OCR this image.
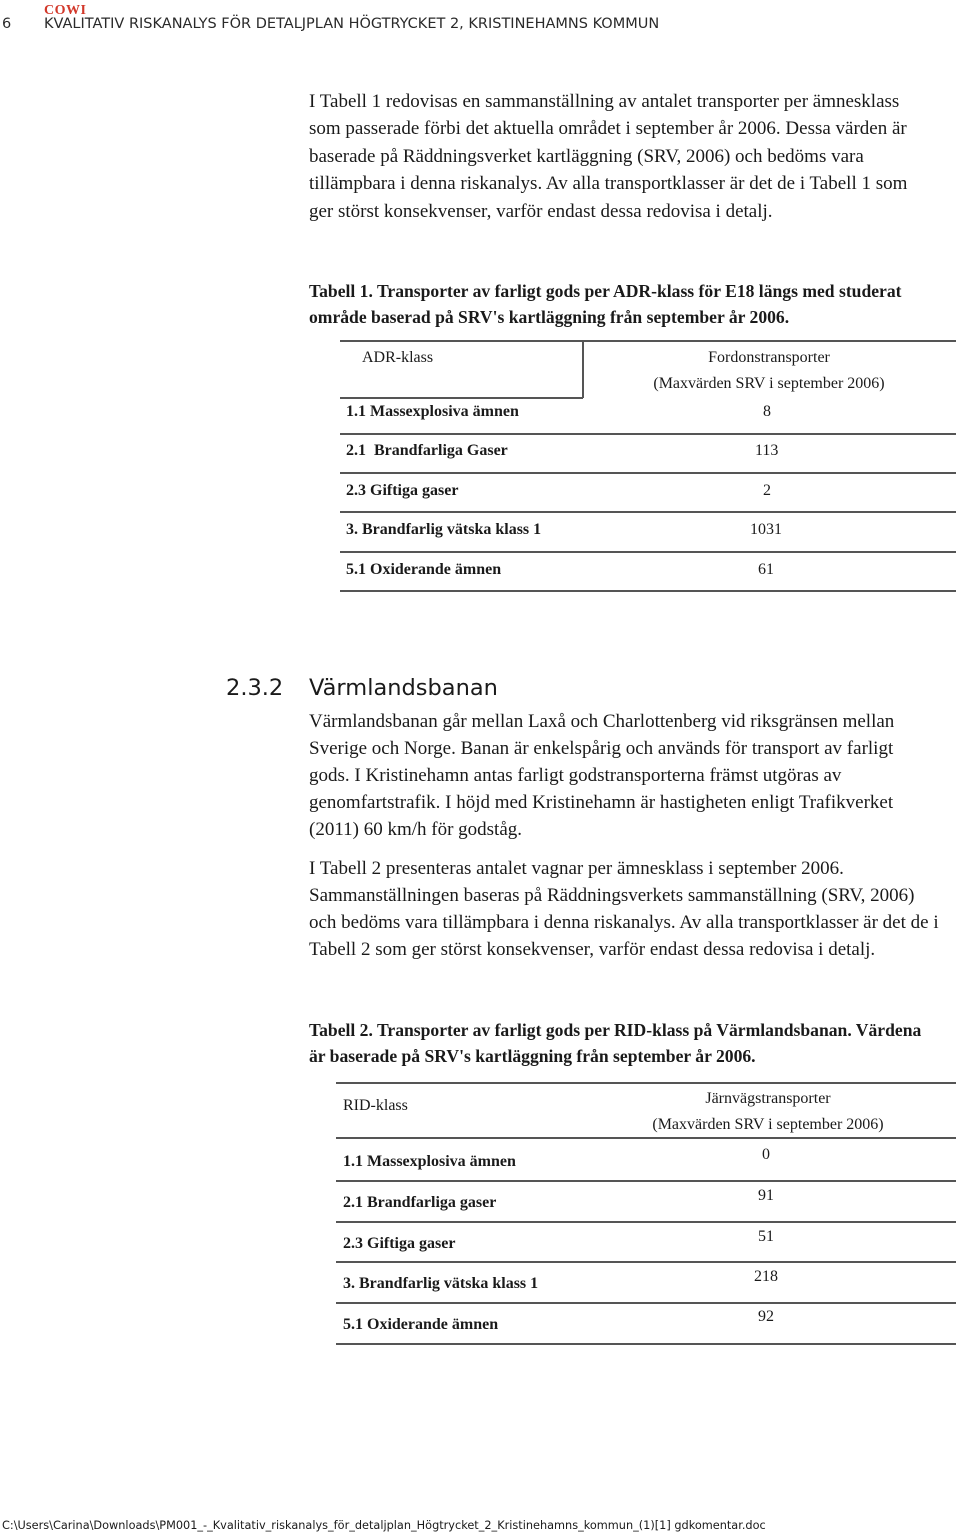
6
COWI
KVALITATIV RISKANALYS FÖR DETALJPLAN HÖGTRYCKET 2, KRISTINEHAMNS KOMMUN
I Tabell 1 redovisas en sammanställning av antalet transporter per ämnesklass som passerade förbi det aktuella området i september år 2006. Dessa värden är baserade på Räddningsverket kartläggning (SRV, 2006) och bedöms vara tillämpbara i denna riskanalys. Av alla transportklasser är det de i Tabell 1 som ger störst konsekvenser, varför endast dessa redovisa i detalj.
Tabell 1. Transporter av farligt gods per ADR-klass för E18 längs med studerat område baserad på SRV's kartläggning från september år 2006.
ADR-klass	Fordonstransporter
(Maxvärden SRV i september 2006)
1.1 Massexplosiva ämnen	8
2.1  Brandfarliga Gaser	113
2.3 Giftiga gaser	2
3. Brandfarlig vätska klass 1	1031
5.1 Oxiderande ämnen	61
2.3.2 Värmlandsbanan
Värmlandsbanan går mellan Laxå och Charlottenberg vid riksgränsen mellan Sverige och Norge. Banan är enkelspårig och används för transport av farligt gods. I Kristinehamn antas farligt godstransporterna främst utgöras av genomfartstrafik. I höjd med Kristinehamn är hastigheten enligt Trafikverket (2011) 60 km/h för godståg.
I Tabell 2 presenteras antalet vagnar per ämnesklass i september 2006. Sammanställningen baseras på Räddningsverkets sammanställning (SRV, 2006) och bedöms vara tillämpbara i denna riskanalys. Av alla transportklasser är det de i Tabell 2 som ger störst konsekvenser, varför endast dessa redovisa i detalj.
Tabell 2. Transporter av farligt gods per RID-klass på Värmlandsbanan. Värdena är baserade på SRV's kartläggning från september år 2006.
RID-klass	Järnvägstransporter
(Maxvärden SRV i september 2006)
1.1 Massexplosiva ämnen	0
2.1 Brandfarliga gaser	91
2.3 Giftiga gaser	51
3. Brandfarlig vätska klass 1	218
5.1 Oxiderande ämnen	92
C:\Users\Carina\Downloads\PM001_-_Kvalitativ_riskanalys_för_detaljplan_Högtrycket_2_Kristinehamns_kommun_(1)[1] gdkomentar.doc
